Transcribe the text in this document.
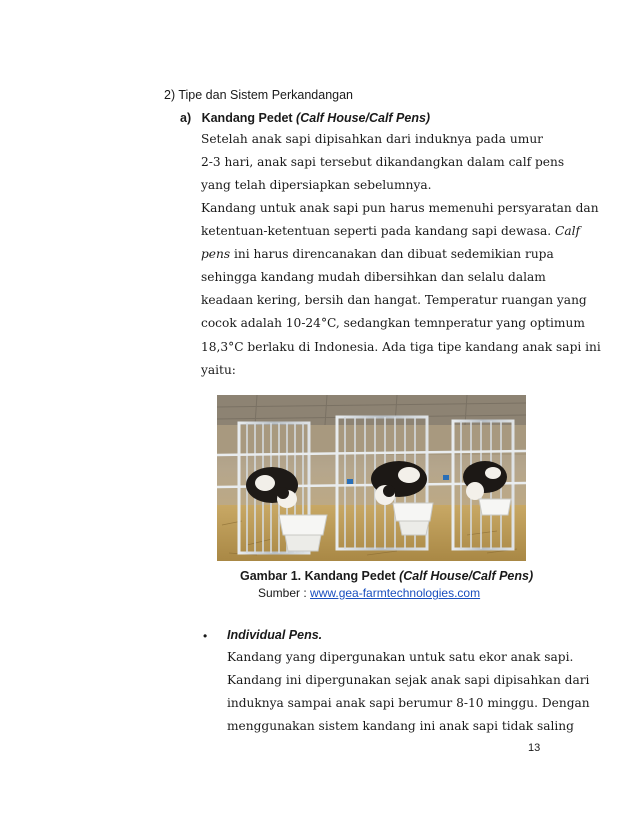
2) Tipe dan Sistem Perkandangan
a) Kandang Pedet (Calf House/Calf Pens)
Setelah anak sapi dipisahkan dari induknya pada umur
2-3 hari, anak sapi tersebut dikandangkan dalam calf pens
yang telah dipersiapkan sebelumnya.
Kandang untuk anak sapi pun harus memenuhi persyaratan dan
ketentuan-ketentuan seperti pada kandang sapi dewasa. Calf
pens ini harus direncanakan dan dibuat sedemikian rupa
sehingga kandang mudah dibersihkan dan selalu dalam
keadaan kering, bersih dan hangat. Temperatur ruangan yang
cocok adalah 10-24°C, sedangkan temnperatur yang optimum
18,3°C berlaku di Indonesia. Ada tiga tipe kandang anak sapi ini
yaitu:
Gambar 1. Kandang Pedet (Calf House/Calf Pens)
Sumber : www.gea-farmtechnologies.com
• Individual Pens.
Kandang yang dipergunakan untuk satu ekor anak sapi.
Kandang ini dipergunakan sejak anak sapi dipisahkan dari
induknya sampai anak sapi berumur 8-10 minggu. Dengan
menggunakan sistem kandang ini anak sapi tidak saling
13
